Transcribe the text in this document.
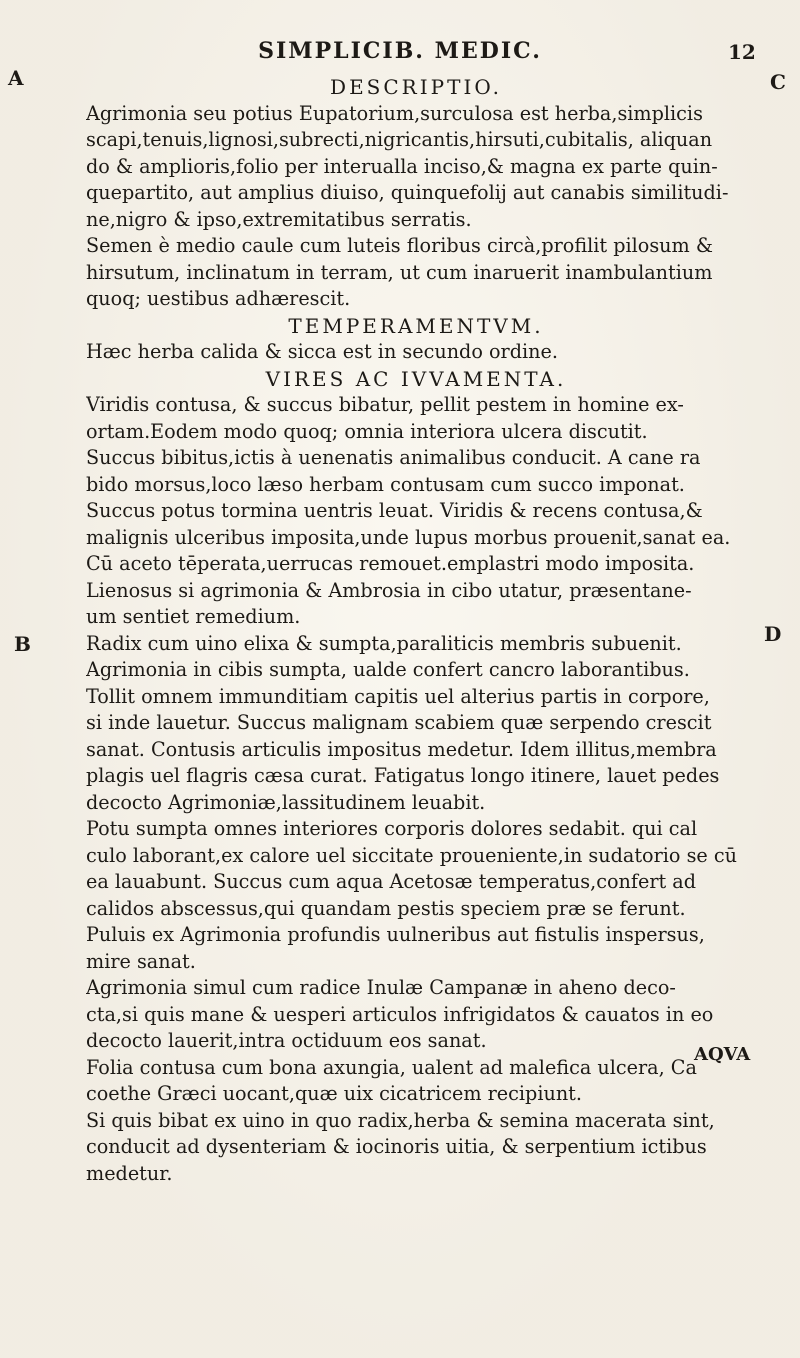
SIMPLICIB. MEDIC.	12
A	C
B	D
DESCRIPTIO.
Agrimonia seu potius Eupatorium,surculosa est herba,simplicis
scapi,tenuis,lignosi,subrecti,nigricantis,hirsuti,cubitalis, aliquan
do & amplioris,folio per interualla inciso,& magna ex parte quin-
quepartito, aut amplius diuiso, quinquefolij aut canabis similitudi-
ne,nigro & ipso,extremitatibus serratis.
Semen è medio caule cum luteis floribus circà,profilit pilosum &
hirsutum, inclinatum in terram, ut cum inaruerit inambulantium
quoq; uestibus adhærescit.
TEMPERAMENTVM.
Hæc herba calida & sicca est in secundo ordine.
VIRES AC IVVAMENTA.
Viridis contusa, & succus bibatur, pellit pestem in homine ex-
ortam.Eodem modo quoq; omnia interiora ulcera discutit.
Succus bibitus,ictis à uenenatis animalibus conducit. A cane ra
bido morsus,loco læso herbam contusam cum succo imponat.
Succus potus tormina uentris leuat. Viridis & recens contusa,&
malignis ulceribus imposita,unde lupus morbus prouenit,sanat ea.
Cū aceto tēperata,uerrucas remouet.emplastri modo imposita.
Lienosus si agrimonia & Ambrosia in cibo utatur, præsentane-
um sentiet remedium.
Radix cum uino elixa & sumpta,paraliticis membris subuenit.
Agrimonia in cibis sumpta, ualde confert cancro laborantibus.
Tollit omnem immunditiam capitis uel alterius partis in corpore,
si inde lauetur. Succus malignam scabiem quæ serpendo crescit
sanat. Contusis articulis impositus medetur. Idem illitus,membra
plagis uel flagris cæsa curat. Fatigatus longo itinere, lauet pedes
decocto Agrimoniæ,lassitudinem leuabit.
Potu sumpta omnes interiores corporis dolores sedabit. qui cal
culo laborant,ex calore uel siccitate proueniente,in sudatorio se cū
ea lauabunt. Succus cum aqua Acetosæ temperatus,confert ad
calidos abscessus,qui quandam pestis speciem præ se ferunt.
Puluis ex Agrimonia profundis uulneribus aut fistulis inspersus,
mire sanat.
Agrimonia simul cum radice Inulæ Campanæ in aheno deco-
cta,si quis mane & uesperi articulos infrigidatos & cauatos in eo
decocto lauerit,intra octiduum eos sanat.
Folia contusa cum bona axungia, ualent ad malefica ulcera, Ca
coethe Græci uocant,quæ uix cicatricem recipiunt.
Si quis bibat ex uino in quo radix,herba & semina macerata sint,
conducit ad dysenteriam & iocinoris uitia, & serpentium ictibus
medetur.
AQVA
